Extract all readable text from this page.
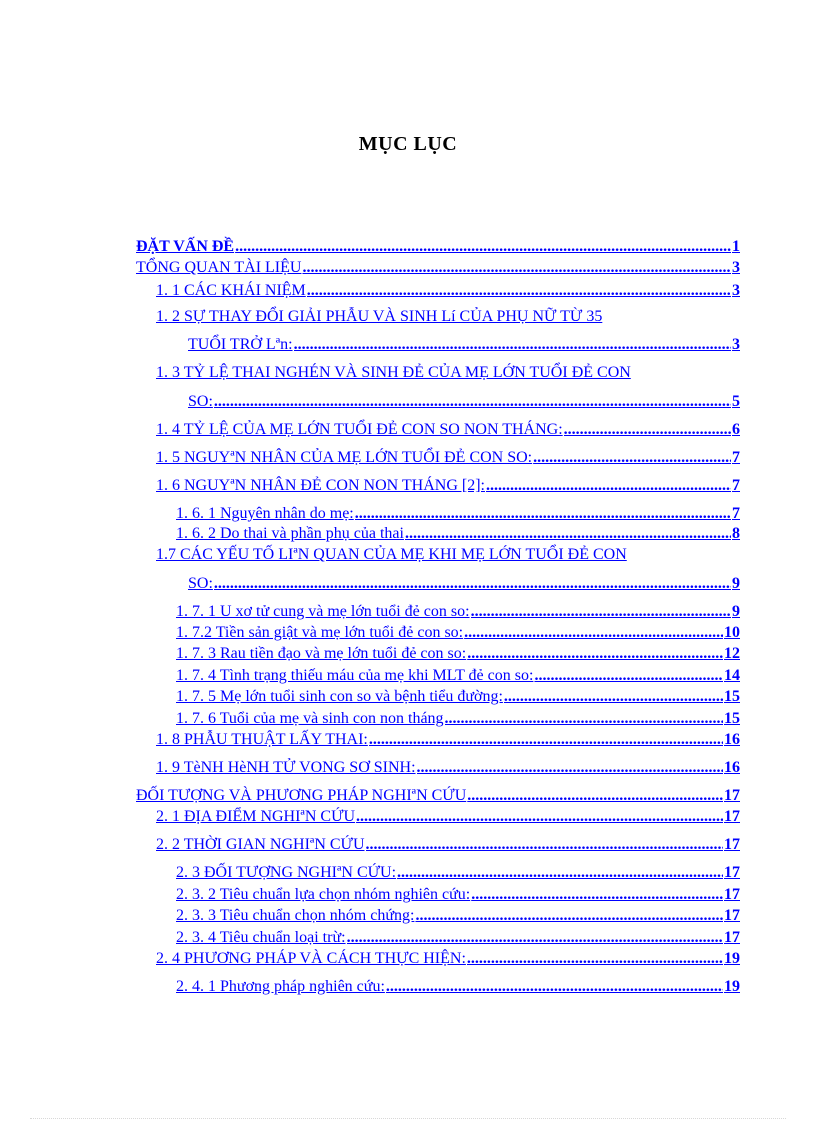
MỤC LỤC
ĐẶT VẤN ĐỀ .....	1
TỔNG QUAN TÀI LIỆU .....	3
1. 1 CÁC KHÁI NIỆM .....	3
1. 2 SỰ THAY ĐỔI GIẢI PHẪU VÀ SINH Lí CỦA PHỤ NỮ TỪ 35
TUỔI TRỞ Lªn: .....	3
1. 3 TỶ LỆ THAI NGHÉN VÀ SINH ĐẺ CỦA MẸ LỚN TUỔI ĐẺ CON
SO: .....	5
1. 4 TỶ LỆ CỦA MẸ LỚN TUỔI ĐẺ CON SO NON THÁNG: .....	6
1. 5 NGUYªN NHÂN CỦA MẸ LỚN TUỔI ĐẺ CON SO: .....	7
1. 6 NGUYªN NHÂN ĐẺ CON NON THÁNG [2]: .....	7
1. 6. 1 Nguyên nhân do mẹ: .....	7
1. 6. 2 Do thai và phần phụ của thai .....	8
1.7 CÁC YẾU TỐ LIªN QUAN CỦA MẸ KHI MẸ LỚN TUỔI ĐẺ CON
SO: .....	9
1. 7. 1 U xơ tử cung và mẹ lớn tuổi đẻ con so: .....	9
1. 7.2 Tiền sản giật và mẹ lớn tuổi đẻ con so: .....	10
1. 7. 3 Rau tiền đạo và mẹ lớn tuổi đẻ con so: .....	12
1. 7. 4 Tình trạng thiếu máu của mẹ khi MLT đẻ con so: .....	14
1. 7. 5 Mẹ lớn tuổi sinh con so và bệnh tiểu đường: .....	15
1. 7. 6 Tuổi của mẹ và sinh con non tháng .....	15
1. 8 PHẪU THUẬT LẤY THAI: .....	16
1. 9 TèNH HèNH TỬ VONG SƠ SINH: .....	16
ĐỐI TƯỢNG VÀ PHƯƠNG PHÁP NGHIªN CỨU .....	17
2. 1 ĐỊA ĐIỂM NGHIªN CỨU .....	17
2. 2 THỜI GIAN NGHIªN CỨU .....	17
2. 3 ĐỐI TƯỢNG NGHIªN CỨU: .....	17
2. 3. 2 Tiêu chuẩn lựa chọn nhóm nghiên cứu: .....	17
2. 3. 3 Tiêu chuẩn chọn nhóm chứng: .....	17
2. 3. 4 Tiêu chuẩn loại trừ: .....	17
2. 4 PHƯƠNG PHÁP VÀ CÁCH THỰC HIỆN: .....	19
2. 4. 1 Phương pháp nghiên cứu: .....	19
